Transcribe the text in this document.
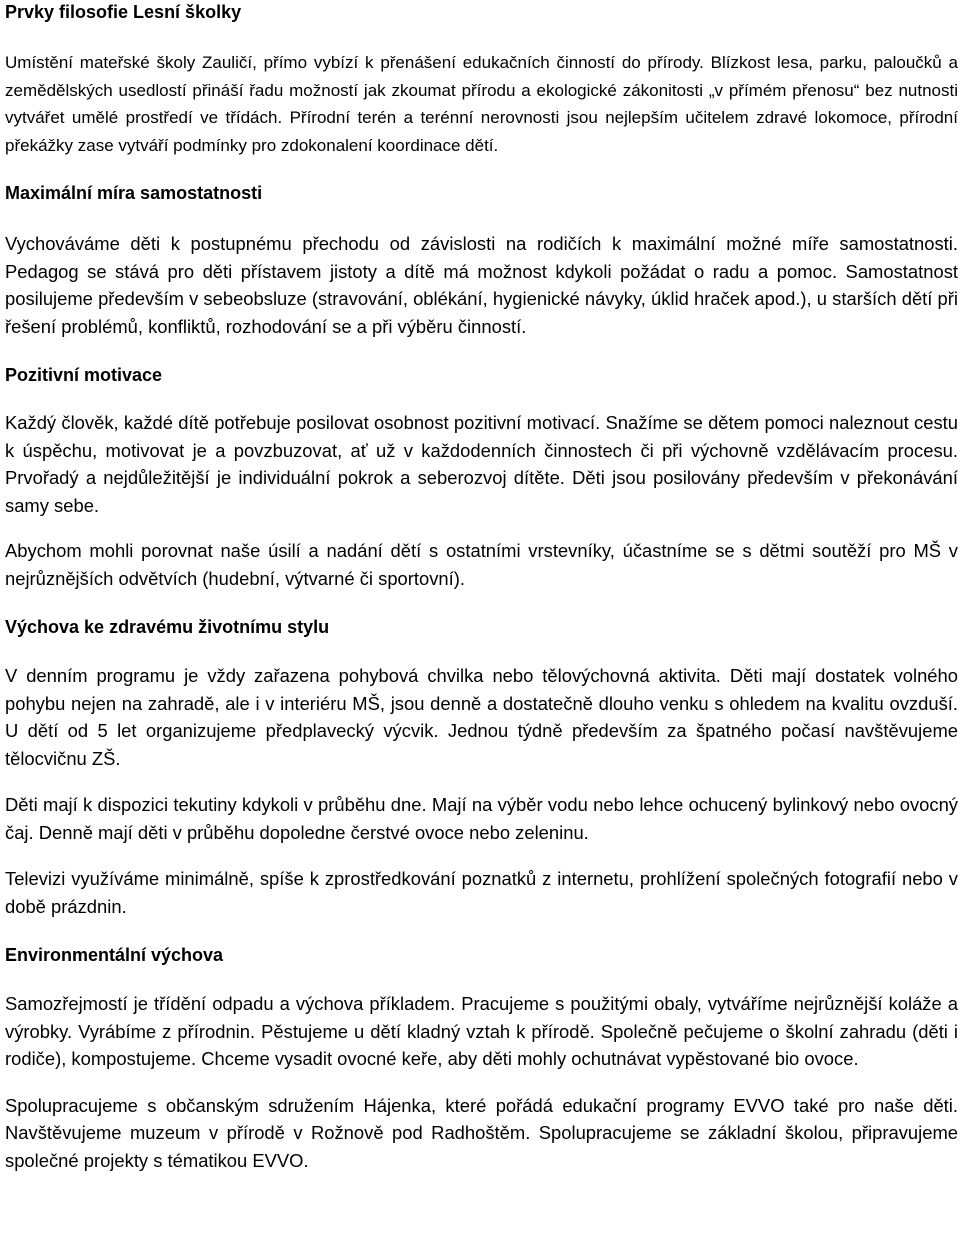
Prvky filosofie Lesní školky

Umístění mateřské školy Zauličí, přímo vybízí k přenášení edukačních činností do přírody. Blízkost lesa, parku, paloučků a zemědělských usedlostí přináší řadu možností jak zkoumat přírodu a ekologické zákonitosti „v přímém přenosu“ bez nutnosti vytvářet umělé prostředí ve třídách. Přírodní terén a terénní nerovnosti jsou nejlepším učitelem zdravé lokomoce, přírodní překážky zase vytváří podmínky pro zdokonalení koordinace dětí.

Maximální míra samostatnosti

Vychováváme děti k postupnému přechodu od závislosti na rodičích k maximální možné míře samostatnosti. Pedagog se stává pro děti přístavem jistoty a dítě má možnost kdykoli požádat o radu a pomoc. Samostatnost posilujeme především v sebeobsluze (stravování, oblékání, hygienické návyky, úklid hraček apod.), u starších dětí při řešení problémů, konfliktů, rozhodování se a při výběru činností.

Pozitivní motivace

Každý člověk, každé dítě potřebuje posilovat osobnost pozitivní motivací. Snažíme se dětem pomoci naleznout cestu k úspěchu, motivovat je a povzbuzovat, ať už v každodenních činnostech či při výchovně vzdělávacím procesu. Prvořadý a nejdůležitější je individuální pokrok a seberozvoj dítěte. Děti jsou posilovány především v překonávání samy sebe.

Abychom mohli porovnat naše úsilí a nadání dětí s ostatními vrstevníky, účastníme se s dětmi soutěží pro MŠ v nejrůznějších odvětvích (hudební, výtvarné či sportovní).

Výchova ke zdravému životnímu stylu

V denním programu je vždy zařazena pohybová chvilka nebo tělovýchovná aktivita. Děti mají dostatek volného pohybu nejen na zahradě, ale i v interiéru MŠ, jsou denně a dostatečně dlouho venku s ohledem na kvalitu ovzduší. U dětí od 5 let organizujeme předplavecký výcvik. Jednou týdně především za špatného počasí navštěvujeme tělocvičnu ZŠ.

Děti mají k dispozici tekutiny kdykoli v průběhu dne. Mají na výběr vodu nebo lehce ochucený bylinkový nebo ovocný čaj. Denně mají děti v průběhu dopoledne čerstvé ovoce nebo zeleninu.

Televizi využíváme minimálně, spíše k zprostředkování poznatků z internetu, prohlížení společných fotografií nebo v době prázdnin.

Environmentální výchova

Samozřejmostí je třídění odpadu a výchova příkladem. Pracujeme s použitými obaly, vytváříme nejrůznější koláže a výrobky. Vyrábíme z přírodnin. Pěstujeme u dětí kladný vztah k přírodě. Společně pečujeme o školní zahradu (děti i rodiče), kompostujeme. Chceme vysadit ovocné keře, aby děti mohly ochutnávat vypěstované bio ovoce.

Spolupracujeme s občanským sdružením Hájenka, které pořádá edukační programy EVVO také pro naše děti. Navštěvujeme muzeum v přírodě v Rožnově pod Radhoštěm. Spolupracujeme se základní školou, připravujeme společné projekty s tématikou EVVO.
